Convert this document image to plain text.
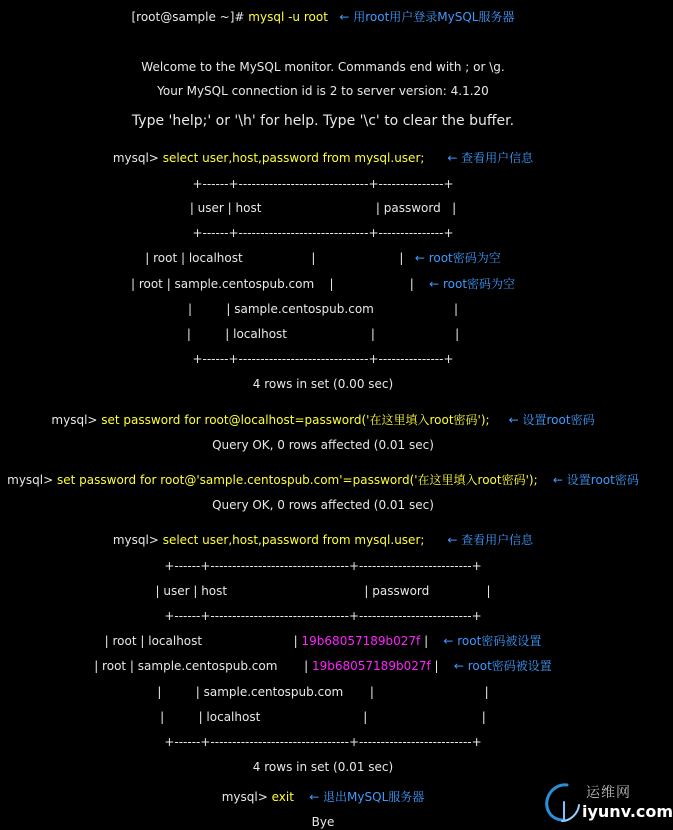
[root@sample ~]# mysql -u root ← 用root用户登录MySQL服务器
Welcome to the MySQL monitor. Commands end with ; or \g.
Your MySQL connection id is 2 to server version: 4.1.20
Type 'help;' or '\h' for help. Type '\c' to clear the buffer.
mysql> select user,host,password from mysql.user; ← 查看用户信息
+------+------------------------------+---------------+
| user | host	| password   |
+------+------------------------------+---------------+
| root | localhost	|	| ← root密码为空
| root | sample.centospub.com |	| ← root密码为空
|	| sample.centospub.com	|
|	| localhost	|	|
+------+------------------------------+---------------+
4 rows in set (0.00 sec)
mysql> set password for root@localhost=password('在这里填入root密码'); ← 设置root密码
Query OK, 0 rows affected (0.01 sec)
mysql> set password for root@'sample.centospub.com'=password('在这里填入root密码'); ← 设置root密码
Query OK, 0 rows affected (0.01 sec)
mysql> select user,host,password from mysql.user; ← 查看用户信息
+------+--------------------------------+--------------------------+
| user | host	| password	|
+------+--------------------------------+--------------------------+
| root | localhost	| 19b68057189b027f | ← root密码被设置
| root | sample.centospub.com | 19b68057189b027f | ← root密码被设置
|	| sample.centospub.com |	|
|	| localhost	|	|
+------+--------------------------------+--------------------------+
4 rows in set (0.01 sec)
mysql> exit ← 退出MySQL服务器
Bye
运维网
iyunv.com
